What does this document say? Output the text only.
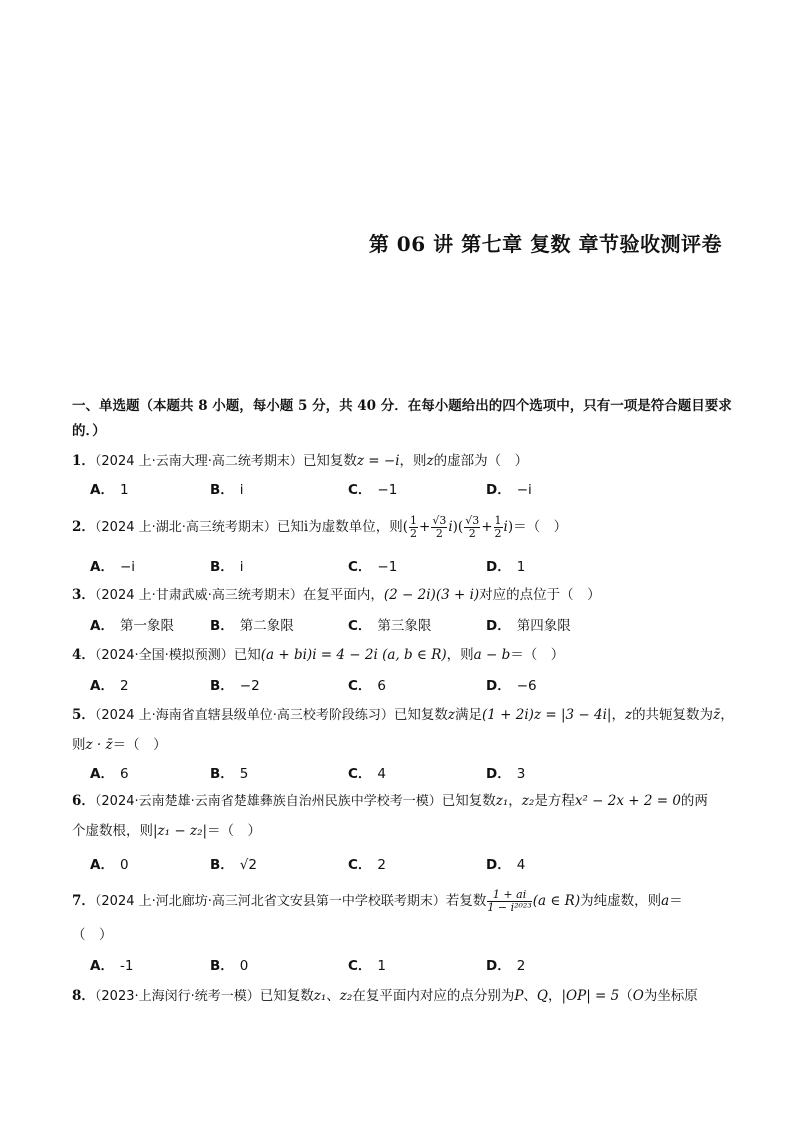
第 06 讲 第七章 复数 章节验收测评卷
一、单选题（本题共 8 小题，每小题 5 分，共 40 分．在每小题给出的四个选项中，只有一项是符合题目要求的．）
1．（2024 上·云南大理·高二统考期末）已知复数z = −i，则z的虚部为（　）
A． 1	B． i	C． −1	D． −i
2．（2024 上·湖北·高三统考期末）已知i为虚数单位，则( $\frac{1}{2} + \frac{√3}{2} i)( \frac{√3}{2} + \frac{1}{2} i)=$（　）
A． −i	B． i	C． −1	D． 1
3．（2024 上·甘肃武威·高三统考期末）在复平面内，(2 − 2i)(3 + i)对应的点位于（　）
A． 第一象限	B． 第二象限	C． 第三象限	D． 第四象限
4．（2024·全国·模拟预测）已知(a + bi)i = 4 − 2i (a, b ∈ R)，则a − b＝（　）
A． 2	B． −2	C． 6	D． −6
5．（2024 上·海南省直辖县级单位·高三校考阶段练习）已知复数z满足(1 + 2i)z = |3 − 4i|，z的共轭复数为z̄，
则z · z̄＝（　）
A． 6	B． 5	C． 4	D． 3
6．（2024·云南楚雄·云南省楚雄彝族自治州民族中学校考一模）已知复数z₁，z₂是方程x² − 2x + 2 = 0的两
个虚数根，则|z₁ − z₂|＝（　）
A． 0	B． √2	C． 2	D． 4
7．（2024 上·河北廊坊·高三河北省文安县第一中学校联考期末）若复数 $\frac{1 + ai}{\text{1 − i²⁰²³}} (a$ ∈ R)为纯虚数，则a＝
（　）
A． -1	B． 0	C． 1	D． 2
8．（2023·上海闵行·统考一模）已知复数z₁、z₂在复平面内对应的点分别为P、Q，|OP| = 5（O为坐标原
